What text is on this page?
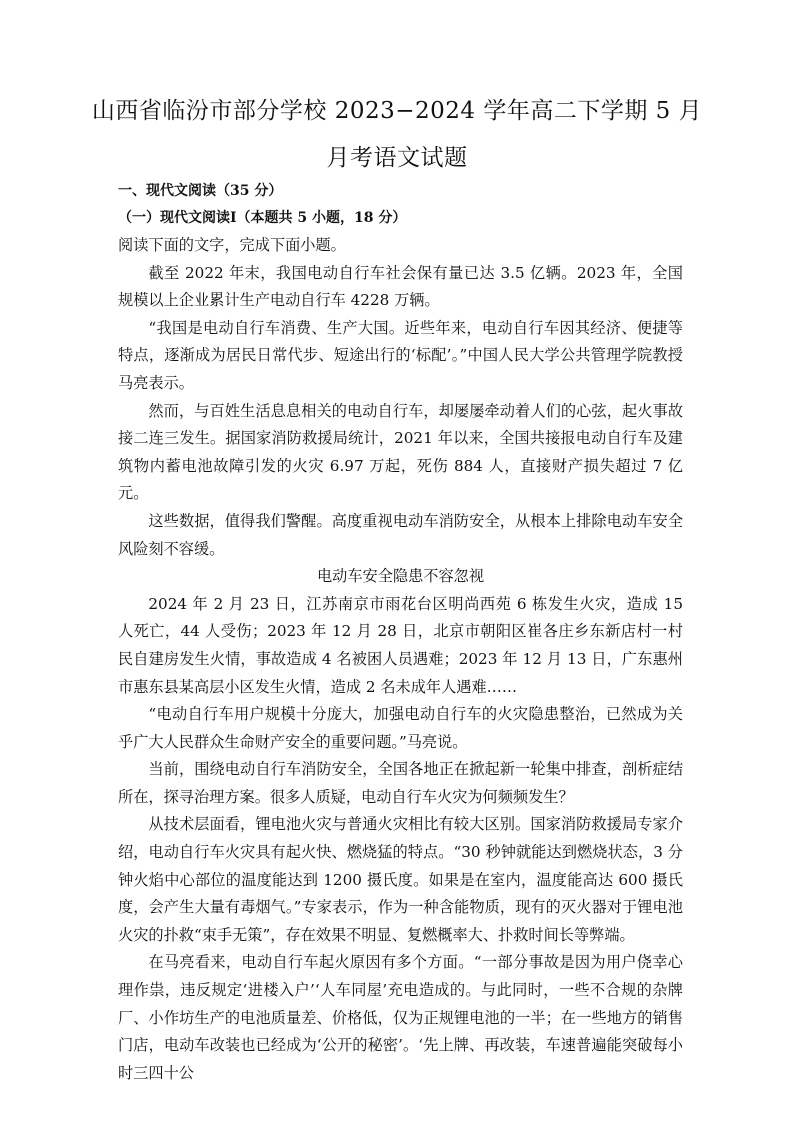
山西省临汾市部分学校 2023−2024 学年高二下学期 5 月
月考语文试题
一、现代文阅读（35 分）
（一）现代文阅读Ⅰ（本题共 5 小题，18 分）

阅读下面的文字，完成下面小题。

截至 2022 年末，我国电动自行车社会保有量已达 3.5 亿辆。2023 年，全国规模以上企业累计生产电动自行车 4228 万辆。

“我国是电动自行车消费、生产大国。近些年来，电动自行车因其经济、便捷等特点，逐渐成为居民日常代步、短途出行的‘标配’。”中国人民大学公共管理学院教授马亮表示。

然而，与百姓生活息息相关的电动自行车，却屡屡牵动着人们的心弦，起火事故接二连三发生。据国家消防救援局统计，2021 年以来，全国共接报电动自行车及建筑物内蓄电池故障引发的火灾 6.97 万起，死伤 884 人，直接财产损失超过 7 亿元。

这些数据，值得我们警醒。高度重视电动车消防安全，从根本上排除电动车安全风险刻不容缓。

电动车安全隐患不容忽视

2024 年 2 月 23 日，江苏南京市雨花台区明尚西苑 6 栋发生火灾，造成 15 人死亡，44 人受伤；2023 年 12 月 28 日，北京市朝阳区崔各庄乡东新店村一村民自建房发生火情，事故造成 4 名被困人员遇难；2023 年 12 月 13 日，广东惠州市惠东县某高层小区发生火情，造成 2 名未成年人遇难……

“电动自行车用户规模十分庞大，加强电动自行车的火灾隐患整治，已然成为关乎广大人民群众生命财产安全的重要问题。”马亮说。

当前，围绕电动自行车消防安全，全国各地正在掀起新一轮集中排查，剖析症结所在，探寻治理方案。很多人质疑，电动自行车火灾为何频频发生？

从技术层面看，锂电池火灾与普通火灾相比有较大区别。国家消防救援局专家介绍，电动自行车火灾具有起火快、燃烧猛的特点。“30 秒钟就能达到燃烧状态，3 分钟火焰中心部位的温度能达到 1200 摄氏度。如果是在室内，温度能高达 600 摄氏度，会产生大量有毒烟气。”专家表示，作为一种含能物质，现有的灭火器对于锂电池火灾的扑救“束手无策”，存在效果不明显、复燃概率大、扑救时间长等弊端。

在马亮看来，电动自行车起火原因有多个方面。“一部分事故是因为用户侥幸心理作祟，违反规定‘进楼入户’‘人车同屋’充电造成的。与此同时，一些不合规的杂牌厂、小作坊生产的电池质量差、价格低，仅为正规锂电池的一半；在一些地方的销售门店，电动车改装也已经成为‘公开的秘密’。‘先上牌、再改装，车速普遍能突破每小时三四十公
